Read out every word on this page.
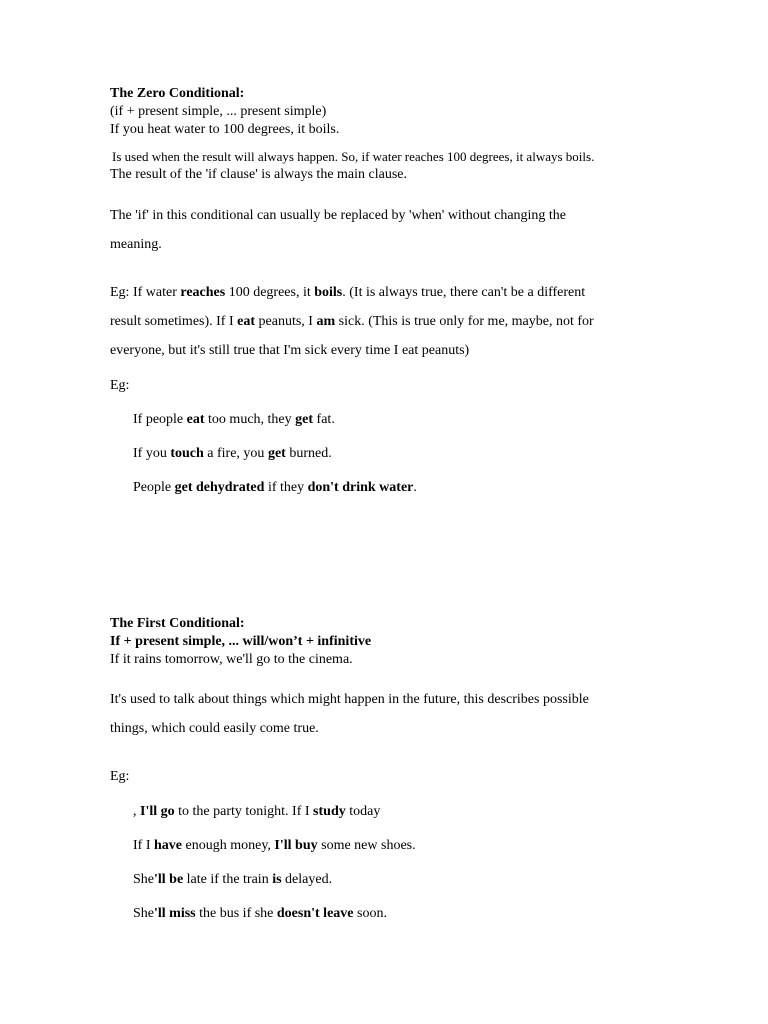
The Zero Conditional:
(if + present simple, ... present simple)
If you heat water to 100 degrees, it boils.
Is used when the result will always happen. So, if water reaches 100 degrees, it always boils.
The result of the 'if clause' is always the main clause.
The 'if' in this conditional can usually be replaced by 'when' without changing the
meaning.
Eg: If water reaches 100 degrees, it boils. (It is always true, there can't be a different
result sometimes). If I eat peanuts, I am sick. (This is true only for me, maybe, not for
everyone, but it's still true that I'm sick every time I eat peanuts)
Eg:
If people eat too much, they get fat.
If you touch a fire, you get burned.
People get dehydrated if they don't drink water.
The First Conditional:
If + present simple, ... will/won’t + infinitive
If it rains tomorrow, we'll go to the cinema.
It's used to talk about things which might happen in the future, this describes possible
things, which could easily come true.
Eg:
, I'll go to the party tonight. If I study today
If I have enough money, I'll buy some new shoes.
She'll be late if the train is delayed.
She'll miss the bus if she doesn't leave soon.
